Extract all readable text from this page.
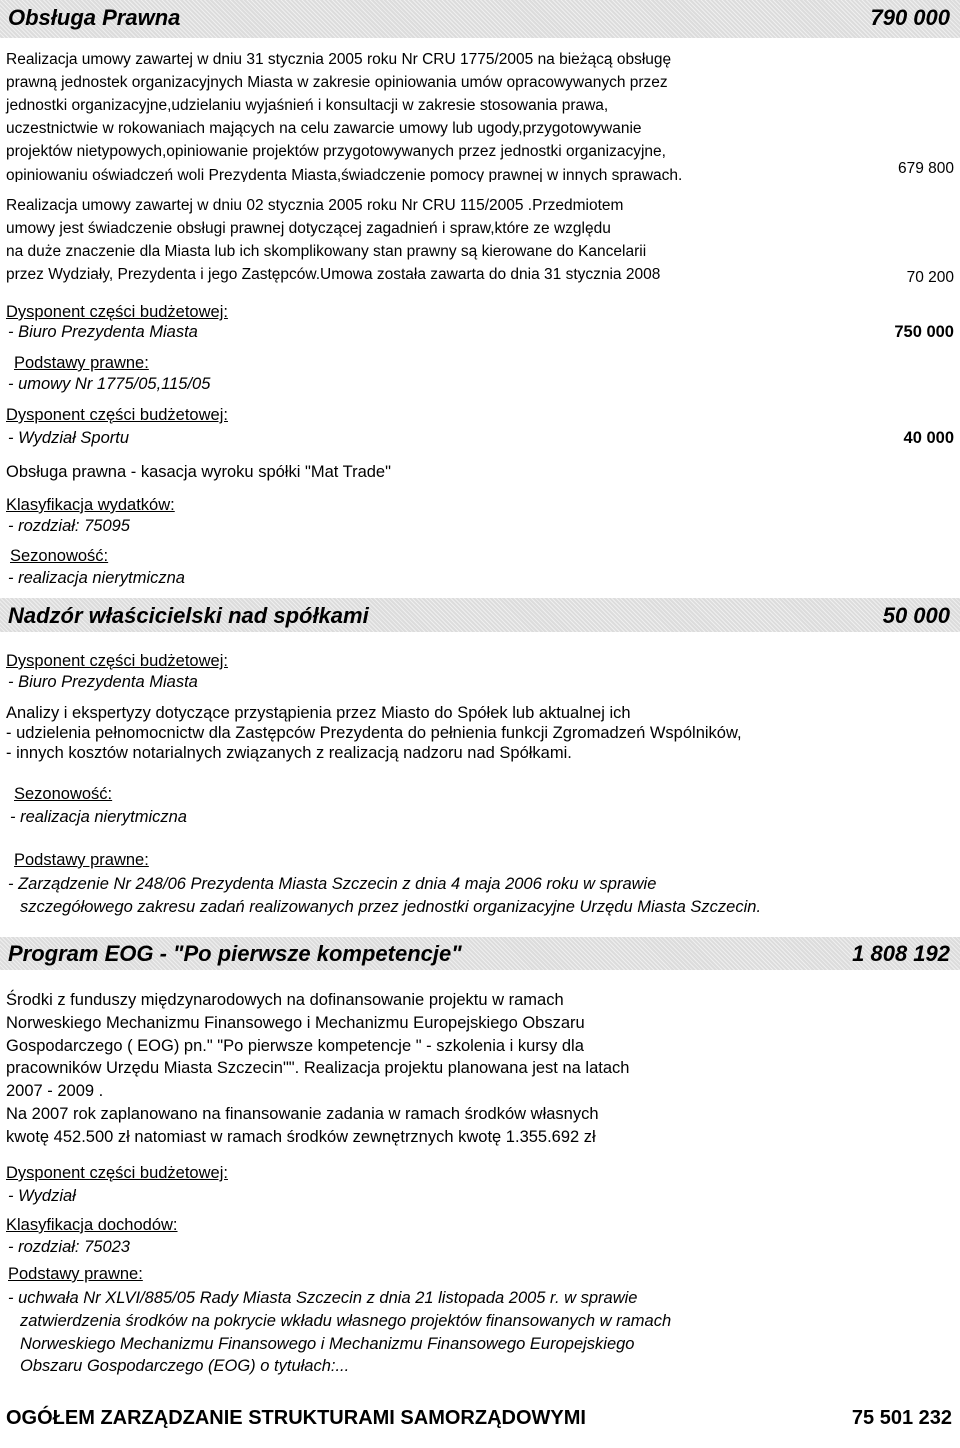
Obsługa Prawna	790 000
Realizacja umowy zawartej w dniu 31 stycznia 2005 roku Nr CRU 1775/2005 na bieżącą obsługę
prawną jednostek organizacyjnych Miasta w zakresie opiniowania umów opracowywanych przez
jednostki organizacyjne,udzielaniu wyjaśnień i konsultacji w zakresie stosowania prawa,
uczestnictwie w rokowaniach mających na celu zawarcie umowy lub ugody,przygotowywanie
projektów nietypowych,opiniowanie projektów przygotowywanych przez jednostki organizacyjne,
opiniowaniu oświadczeń woli Prezydenta Miasta,świadczenie pomocy prawnej w innych sprawach.	679 800
Realizacja umowy zawartej w dniu 02 stycznia 2005 roku Nr CRU 115/2005 .Przedmiotem
umowy jest świadczenie obsługi prawnej dotyczącej zagadnień i spraw,które ze względu
na duże znaczenie dla Miasta lub ich skomplikowany stan prawny są kierowane do Kancelarii
przez Wydziały, Prezydenta i jego Zastępców.Umowa została zawarta do dnia 31 stycznia 2008	70 200
Dysponent części budżetowej:
- Biuro Prezydenta Miasta	750 000
Podstawy prawne:
- umowy Nr 1775/05,115/05
Dysponent części budżetowej:
- Wydział Sportu	40 000
Obsługa prawna - kasacja wyroku spółki "Mat Trade"
Klasyfikacja wydatków:
- rozdział: 75095
Sezonowość:
- realizacja nierytmiczna
Nadzór właścicielski nad spółkami	50 000
Dysponent części budżetowej:
- Biuro Prezydenta Miasta
Analizy i ekspertyzy dotyczące przystąpienia przez Miasto do Spółek lub aktualnej ich
- udzielenia pełnomocnictw dla Zastępców Prezydenta do pełnienia funkcji Zgromadzeń Wspólników,
- innych kosztów notarialnych związanych z realizacją nadzoru nad Spółkami.
Sezonowość:
- realizacja nierytmiczna
Podstawy prawne:
- Zarządzenie Nr 248/06 Prezydenta Miasta Szczecin z dnia 4 maja 2006 roku w sprawie
szczegółowego zakresu zadań realizowanych przez jednostki organizacyjne Urzędu Miasta Szczecin.
Program EOG - "Po pierwsze kompetencje"	1 808 192
Środki z funduszy międzynarodowych na dofinansowanie projektu w ramach
Norweskiego Mechanizmu Finansowego i Mechanizmu Europejskiego Obszaru
Gospodarczego ( EOG) pn." "Po pierwsze kompetencje " - szkolenia i kursy dla
pracowników Urzędu Miasta Szczecin"". Realizacja projektu planowana jest na latach
2007 - 2009 .
Na 2007 rok zaplanowano na finansowanie zadania w ramach środków własnych
kwotę 452.500 zł natomiast w ramach środków zewnętrznych kwotę 1.355.692 zł
Dysponent części budżetowej:
- Wydział
Klasyfikacja dochodów:
- rozdział: 75023
Podstawy prawne:
- uchwała Nr XLVI/885/05 Rady Miasta Szczecin z dnia 21 listopada 2005 r. w sprawie
zatwierdzenia środków na pokrycie wkładu własnego projektów finansowanych w ramach
Norweskiego Mechanizmu Finansowego i Mechanizmu Finansowego Europejskiego
Obszaru Gospodarczego (EOG) o tytułach:...
OGÓŁEM ZARZĄDZANIE STRUKTURAMI SAMORZĄDOWYMI	75 501 232
